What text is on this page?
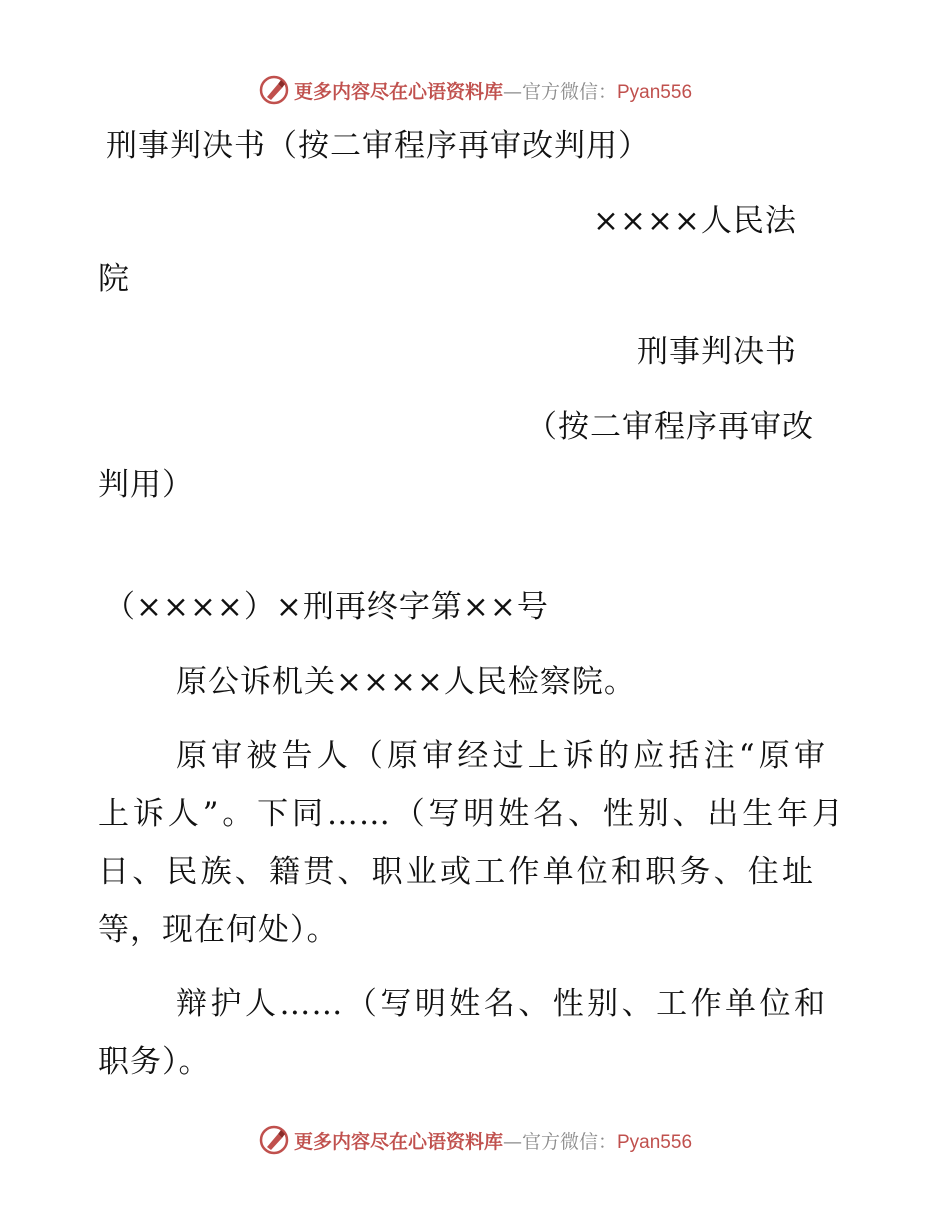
更多内容尽在心语资料库—官方微信：Pyan556
刑事判决书（按二审程序再审改判用）
××××人民法
院
刑事判决书
（按二审程序再审改
判用）
（××××）×刑再终字第××号
原公诉机关××××人民检察院。
原审被告人（原审经过上诉的应括注“原审
上诉人”。下同……（写明姓名、性别、出生年月
日、民族、籍贯、职业或工作单位和职务、住址
等，现在何处）。
辩护人……（写明姓名、性别、工作单位和
职务）。
更多内容尽在心语资料库—官方微信：Pyan556
